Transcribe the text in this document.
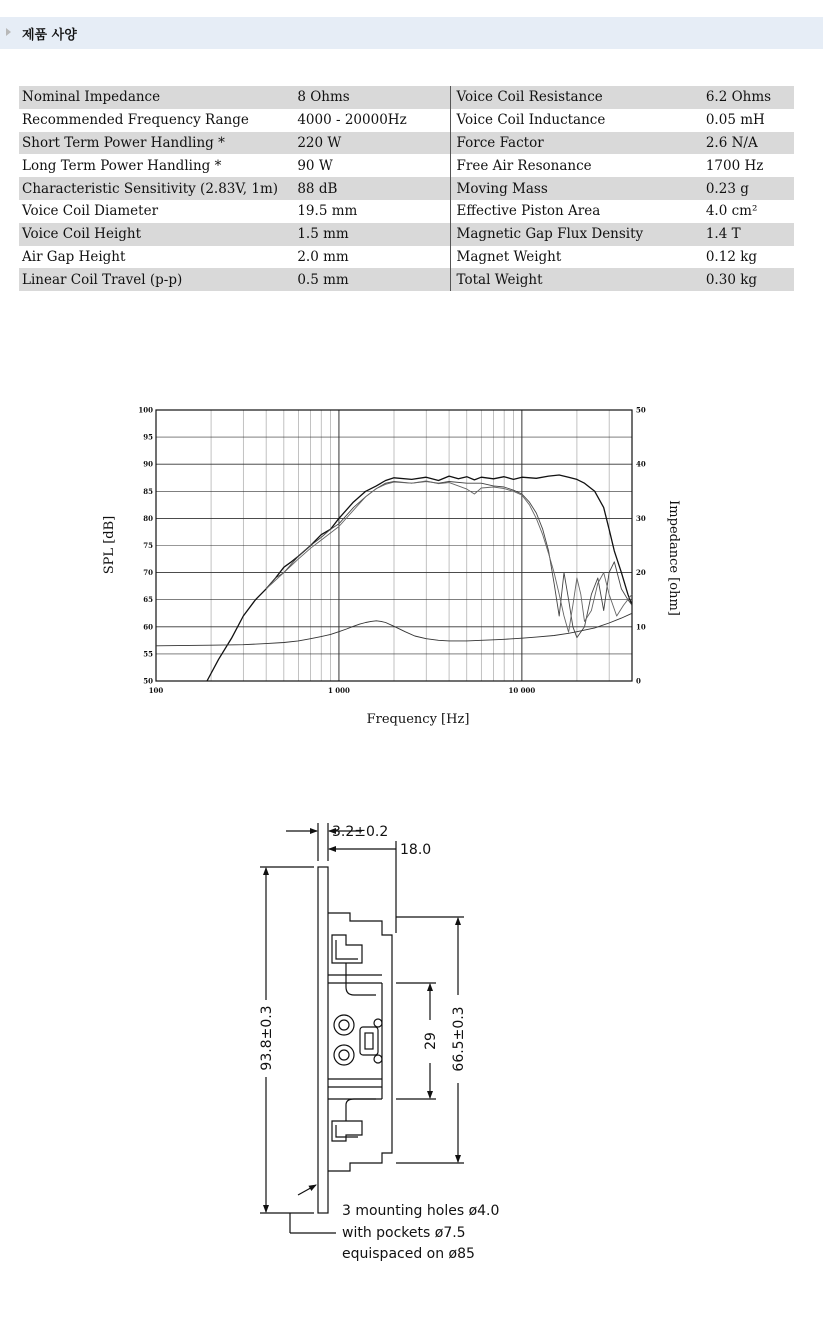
제품 사양
Nominal Impedance	8 Ohms	Voice Coil Resistance	6.2 Ohms
Recommended Frequency Range	4000 - 20000Hz	Voice Coil Inductance	0.05 mH
Short Term Power Handling *	220 W	Force Factor	2.6 N/A
Long Term Power Handling *	90 W	Free Air Resonance	1700 Hz
Characteristic Sensitivity (2.83V, 1m)	88 dB	Moving Mass	0.23 g
Voice Coil Diameter	19.5 mm	Effective Piston Area	4.0 cm²
Voice Coil Height	1.5 mm	Magnetic Gap Flux Density	1.4 T
Air Gap Height	2.0 mm	Magnet Weight	0.12 kg
Linear Coil Travel (p-p)	0.5 mm	Total Weight	0.30 kg
50
55
60
65
70
75
80
85
90
95
100
0
10
20
30
40
50
100	1 000	10 000
Frequency [Hz]
SPL [dB]	Impedance [ohm]
3.2±0.2
18.0
93.8±0.3	29 66.5±0.3
3 mounting holes ø4.0
with pockets ø7.5
equispaced on ø85
